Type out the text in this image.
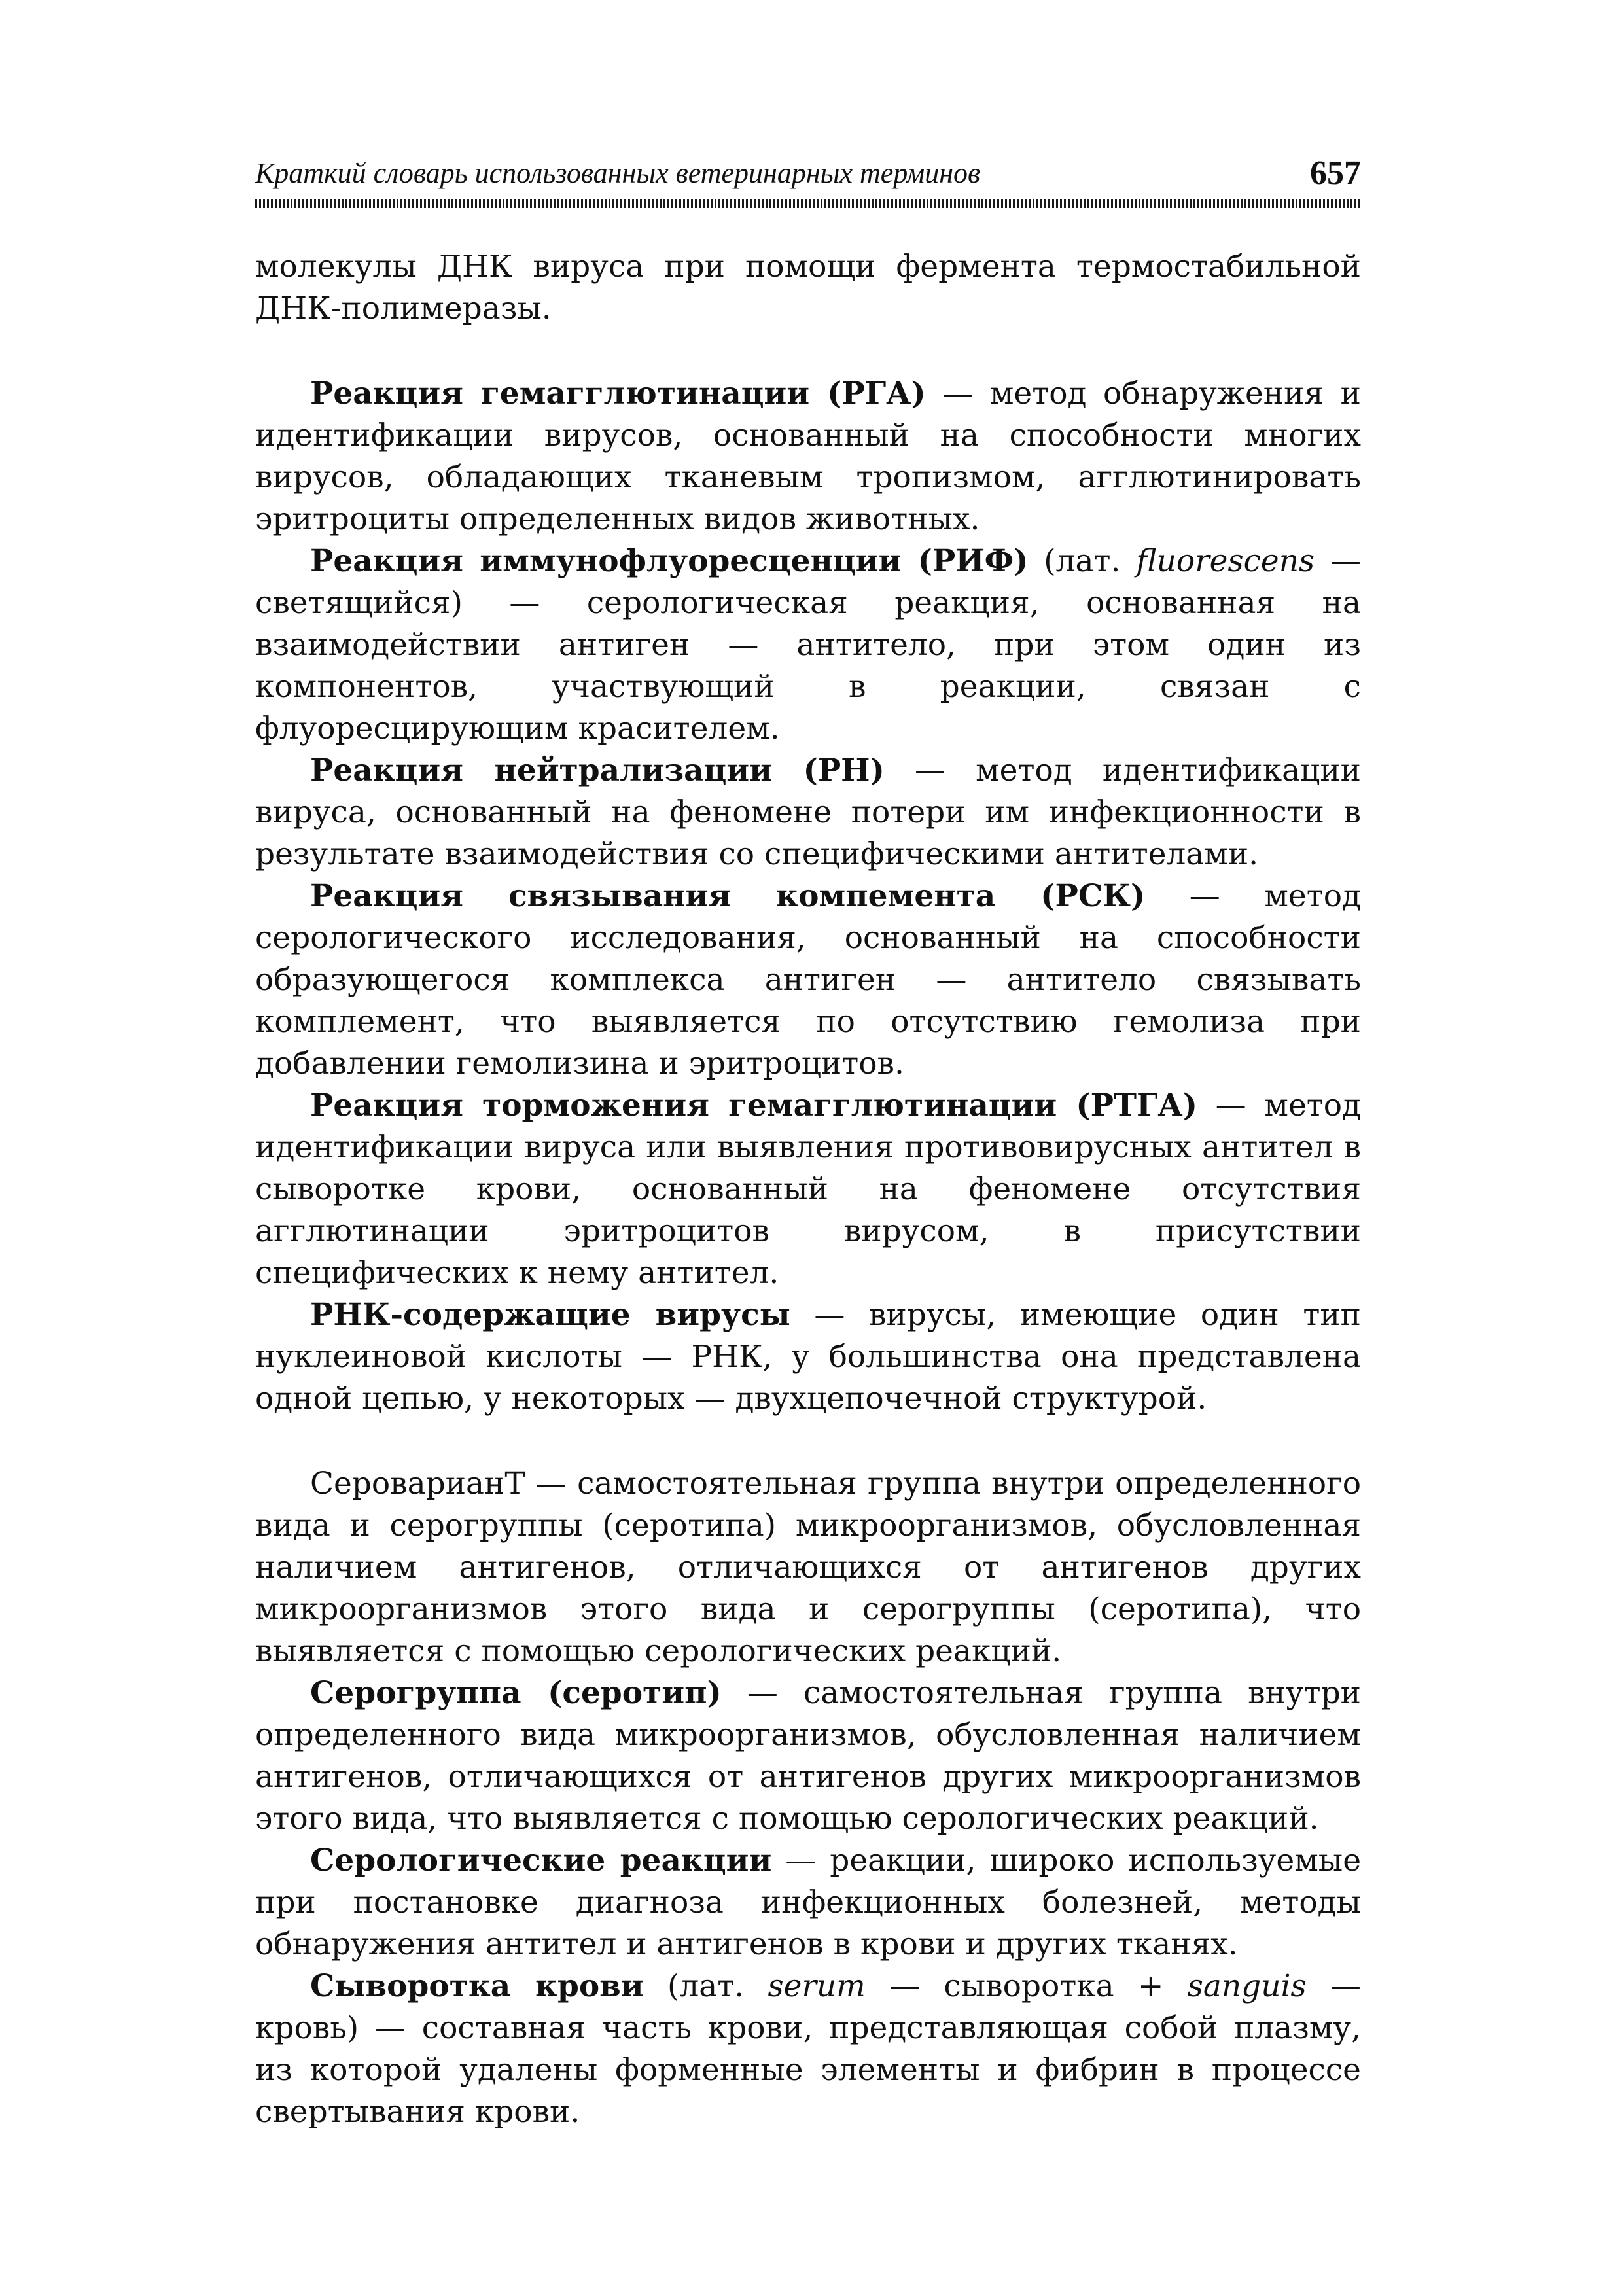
Краткий словарь использованных ветеринарных терминов	657

молекулы ДНК вируса при помощи фермента термостабильной ДНК-полимеразы.

Реакция гемагглютинации (РГА) — метод обнаружения и идентификации вирусов, основанный на способности многих вирусов, обладающих тканевым тропизмом, агглютинировать эритроциты определенных видов животных.

Реакция иммунофлуоресценции (РИФ) (лат. fluorescens — светящийся) — серологическая реакция, основанная на взаимодействии антиген — антитело, при этом один из компонентов, участвующий в реакции, связан с флуоресцирующим красителем.

Реакция нейтрализации (РН) — метод идентификации вируса, основанный на феномене потери им инфекционности в результате взаимодействия со специфическими антителами.

Реакция связывания компемента (РСК) — метод серологического исследования, основанный на способности образующегося комплекса антиген — антитело связывать комплемент, что выявляется по отсутствию гемолиза при добавлении гемолизина и эритроцитов.

Реакция торможения гемагглютинации (РТГА) — метод идентификации вируса или выявления противовирусных антител в сыворотке крови, основанный на феномене отсутствия агглютинации эритроцитов вирусом, в присутствии специфических к нему антител.

РНК-содержащие вирусы — вирусы, имеющие один тип нуклеиновой кислоты — РНК, у большинства она представлена одной цепью, у некоторых — двухцепочечной структурой.

СероварианT — самостоятельная группа внутри определенного вида и серогруппы (серотипа) микроорганизмов, обусловленная наличием антигенов, отличающихся от антигенов других микроорганизмов этого вида и серогруппы (серотипа), что выявляется с помощью серологических реакций.

Серогруппа (серотип) — самостоятельная группа внутри определенного вида микроорганизмов, обусловленная наличием антигенов, отличающихся от антигенов других микроорганизмов этого вида, что выявляется с помощью серологических реакций.

Серологические реакции — реакции, широко используемые при постановке диагноза инфекционных болезней, методы обнаружения антител и антигенов в крови и других тканях.

Сыворотка крови (лат. serum — сыворотка + sanguis — кровь) — составная часть крови, представляющая собой плазму, из которой удалены форменные элементы и фибрин в процессе свертывания крови.
